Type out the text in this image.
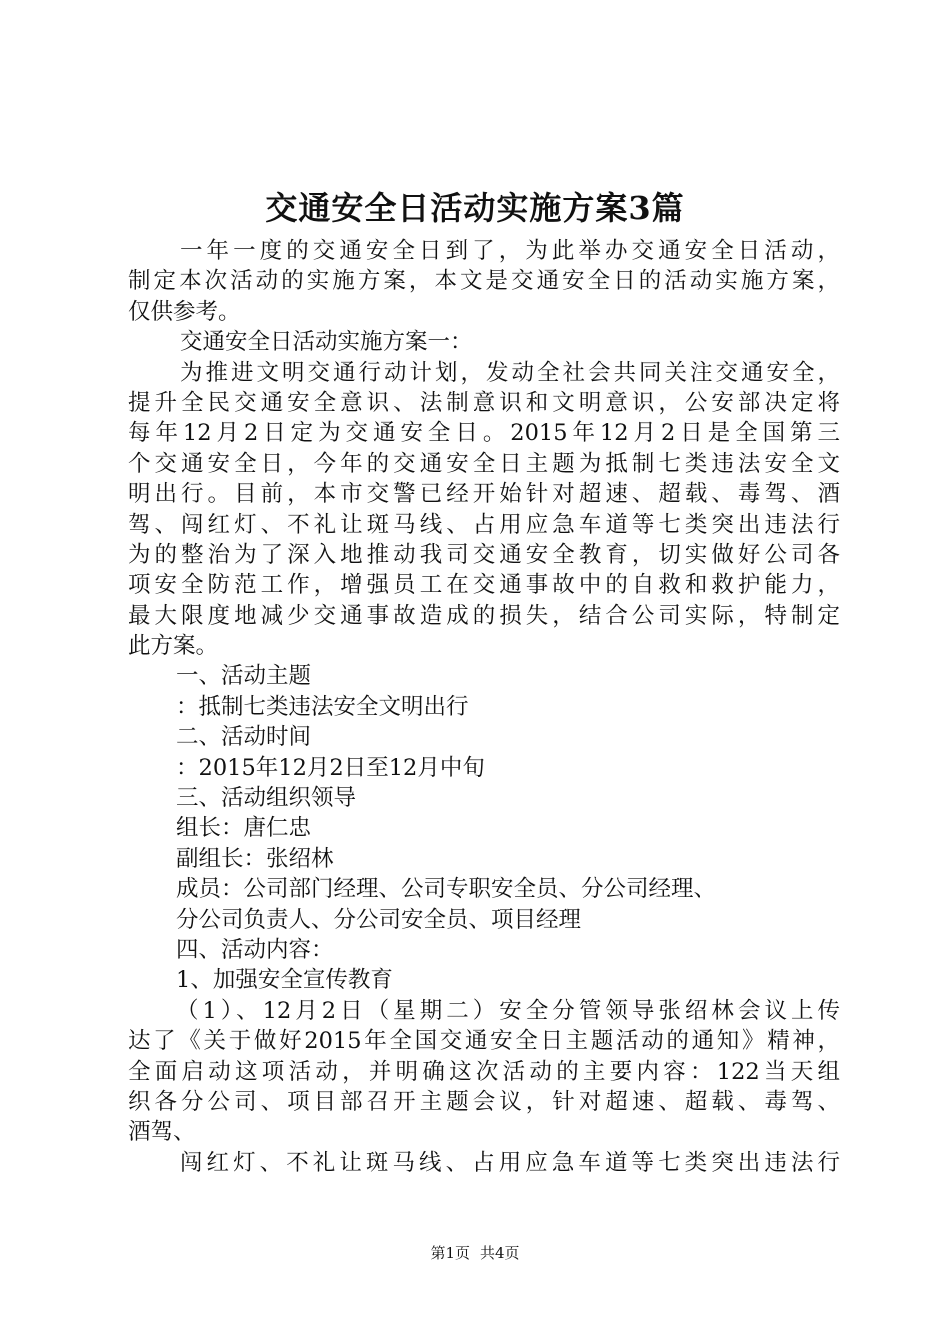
交通安全日活动实施方案3篇
一年一度的交通安全日到了，为此举办交通安全日活动，
制定本次活动的实施方案，本文是交通安全日的活动实施方案，
仅供参考。
交通安全日活动实施方案一：
为推进文明交通行动计划，发动全社会共同关注交通安全，
提升全民交通安全意识、法制意识和文明意识，公安部决定将
每年12月2日定为交通安全日。2015年12月2日是全国第三
个交通安全日，今年的交通安全日主题为抵制七类违法安全文
明出行。目前，本市交警已经开始针对超速、超载、毒驾、酒
驾、闯红灯、不礼让斑马线、占用应急车道等七类突出违法行
为的整治为了深入地推动我司交通安全教育，切实做好公司各
项安全防范工作，增强员工在交通事故中的自救和救护能力，
最大限度地减少交通事故造成的损失，结合公司实际，特制定
此方案。
一、活动主题
：抵制七类违法安全文明出行
二、活动时间
：2015年12月2日至12月中旬
三、活动组织领导
组长：唐仁忠
副组长：张绍林
成员：公司部门经理、公司专职安全员、分公司经理、
分公司负责人、分公司安全员、项目经理
四、活动内容：
1、加强安全宣传教育
（1）、12月2日（星期二）安全分管领导张绍林会议上传
达了《关于做好2015年全国交通安全日主题活动的通知》精神，
全面启动这项活动，并明确这次活动的主要内容：122当天组
织各分公司、项目部召开主题会议，针对超速、超载、毒驾、
酒驾、
闯红灯、不礼让斑马线、占用应急车道等七类突出违法行
第1页 共4页
